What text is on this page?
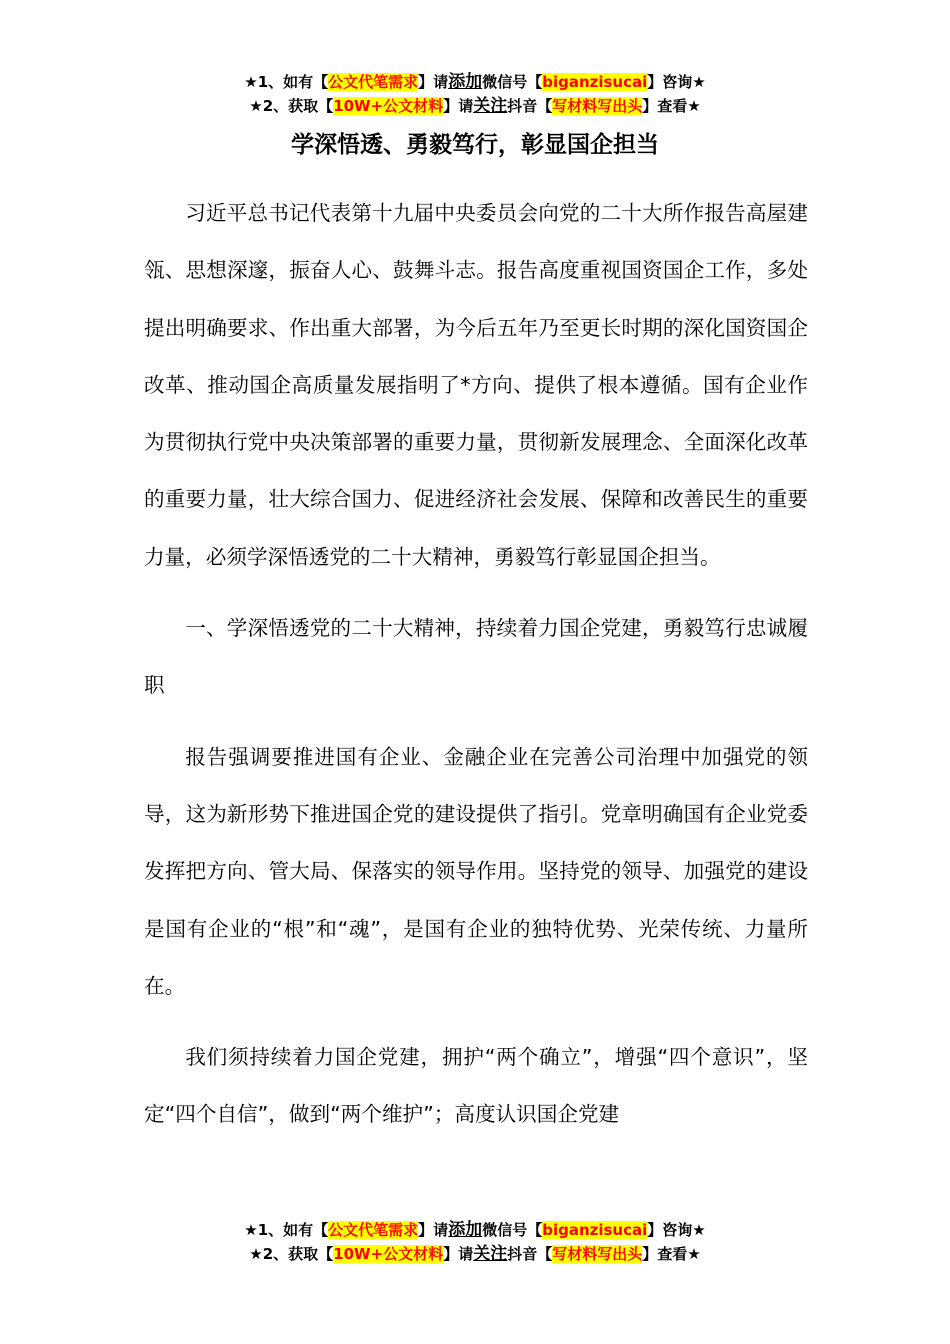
★1、如有【公文代笔需求】请添加微信号【biganzisucai】咨询★
★2、获取【10W+公文材料】请关注抖音【写材料写出头】查看★
学深悟透、勇毅笃行，彰显国企担当

习近平总书记代表第十九届中央委员会向党的二十大所作报告高屋建瓴、思想深邃，振奋人心、鼓舞斗志。报告高度重视国资国企工作，多处提出明确要求、作出重大部署，为今后五年乃至更长时期的深化国资国企改革、推动国企高质量发展指明了*方向、提供了根本遵循。国有企业作为贯彻执行党中央决策部署的重要力量，贯彻新发展理念、全面深化改革的重要力量，壮大综合国力、促进经济社会发展、保障和改善民生的重要力量，必须学深悟透党的二十大精神，勇毅笃行彰显国企担当。

一、学深悟透党的二十大精神，持续着力国企党建，勇毅笃行忠诚履职

报告强调要推进国有企业、金融企业在完善公司治理中加强党的领导，这为新形势下推进国企党的建设提供了指引。党章明确国有企业党委发挥把方向、管大局、保落实的领导作用。坚持党的领导、加强党的建设是国有企业的“根”和“魂”，是国有企业的独特优势、光荣传统、力量所在。

我们须持续着力国企党建，拥护“两个确立”，增强“四个意识”，坚定“四个自信”，做到“两个维护”；高度认识国企党建

★1、如有【公文代笔需求】请添加微信号【biganzisucai】咨询★
★2、获取【10W+公文材料】请关注抖音【写材料写出头】查看★
